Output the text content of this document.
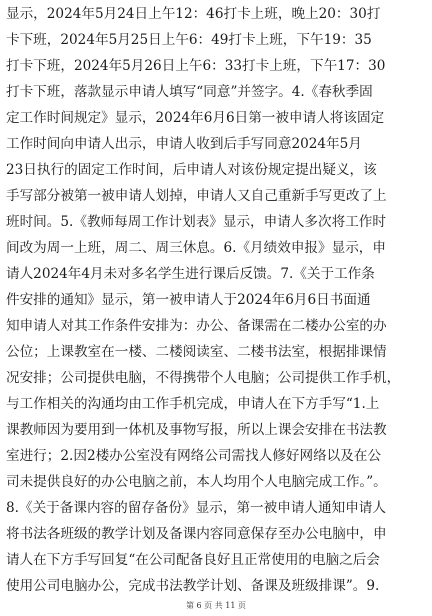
显示，2024年5月24日上午12：46打卡上班，晚上20：30打
卡下班，2024年5月25日上午6：49打卡上班，下午19：35
打卡下班，2024年5月26日上午6：33打卡上班，下午17：30
打卡下班，落款显示申请人填写“同意”并签字。4.《春秋季固
定工作时间规定》显示，2024年6月6日第一被申请人将该固定
工作时间向申请人出示，申请人收到后手写同意2024年5月
23日执行的固定工作时间，后申请人对该份规定提出疑义，该
手写部分被第一被申请人划掉，申请人又自己重新手写更改了上
班时间。5.《教师每周工作计划表》显示，申请人多次将工作时
间改为周一上班，周二、周三休息。6.《月绩效申报》显示，申
请人2024年4月未对多名学生进行课后反馈。7.《关于工作条
件安排的通知》显示，第一被申请人于2024年6月6日书面通
知申请人对其工作条件安排为：办公、备课需在二楼办公室的办
公位；上课教室在一楼、二楼阅读室、二楼书法室，根据排课情
况安排；公司提供电脑，不得携带个人电脑；公司提供工作手机，
与工作相关的沟通均由工作手机完成，申请人在下方手写“1.上
课教师因为要用到一体机及事物写报，所以上课会安排在书法教
室进行；2.因2楼办公室没有网络公司需找人修好网络以及在公
司未提供良好的办公电脑之前，本人均用个人电脑完成工作。”。
8.《关于备课内容的留存备份》显示，第一被申请人通知申请人
将书法各班级的教学计划及备课内容同意保存至办公电脑中，申
请人在下方手写回复“在公司配备良好且正常使用的电脑之后会
使用公司电脑办公，完成书法教学计划、备课及班级排课”。9.
第 6 页 共 11 页
